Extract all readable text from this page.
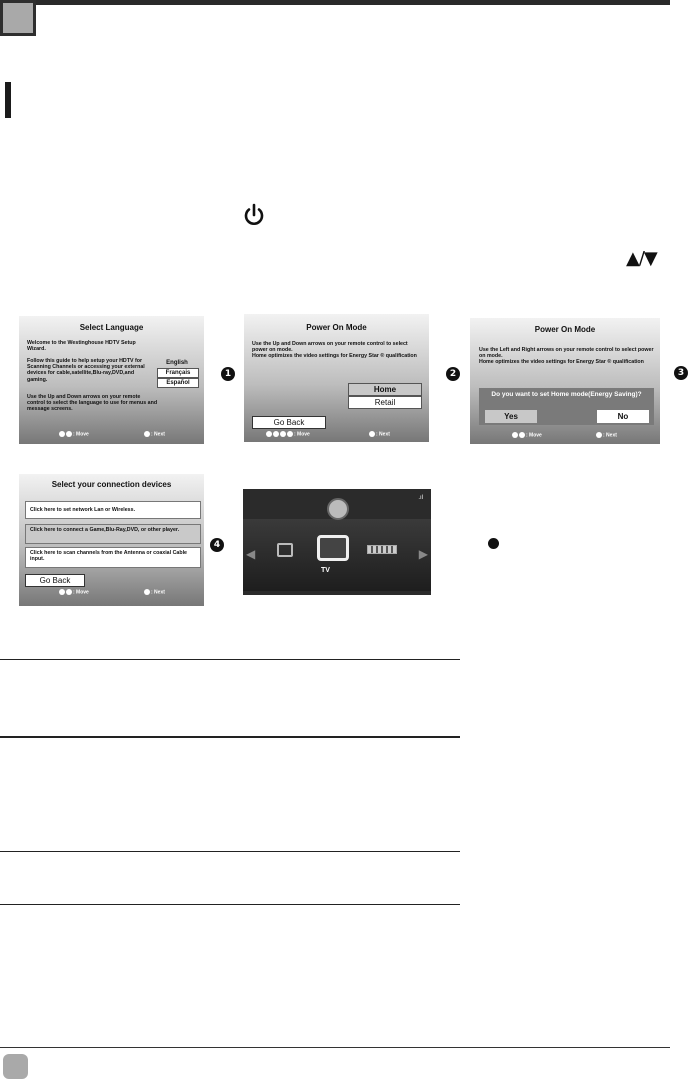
▲/▼
Select Language
Welcome to the Westinghouse HDTV Setup Wizard.
Follow this guide to help setup your HDTV for Scanning Channels or accessing your external devices for cable,satellite,Blu-ray,DVD,and gaming.
Use the Up and Down arrows on your remote control to select the language to use for menus and message screens.
English
Français
Español
: Move	: Next
1
Power On Mode
Use the Up and Down arrows on your remote control to select power on mode.
Home optimizes the video settings for Energy Star ® qualification
Home
Retail
Go Back
: Move	: Next
2
Power On Mode
Use the Left and Right arrows on your remote control to select power on mode.
Home optimizes the video settings for Energy Star ® qualification
Do you want to set Home mode(Energy Saving)?
Yes	No
: Move	: Next
3
Select your connection devices
Click here to set network Lan or Wireless.
Click here to connect a Game,Blu-Ray,DVD, or other player.
Click here to scan channels from the Antenna or coaxial Cable input.
Go Back
: Move	: Next
4
.ıl
◀
TV
▶
